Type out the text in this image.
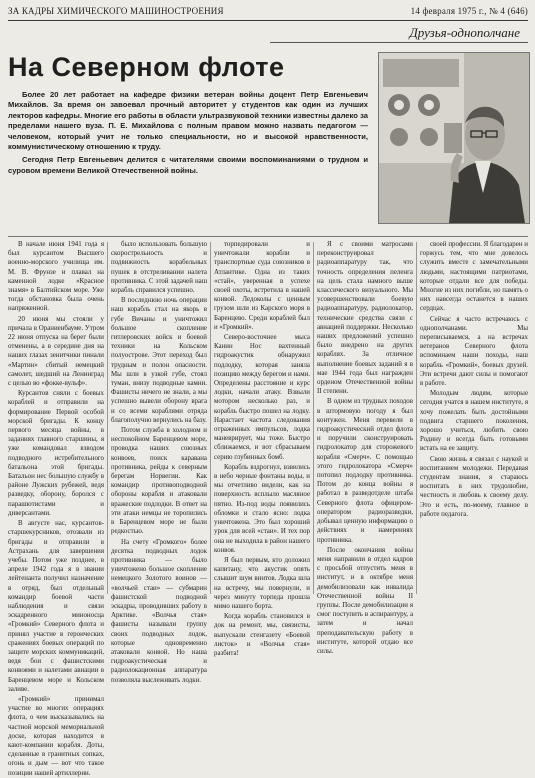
ЗА КАДРЫ ХИМИЧЕСКОГО МАШИНОСТРОЕНИЯ	14 февраля 1975 г., № 4 (646)
Друзья-однополчане
На Северном флоте

Более 20 лет работает на кафедре физики ветеран войны доцент Петр Евгеньевич Михайлов. За время он завоевал прочный авторитет у студентов как один из лучших лекторов кафедры. Многие его работы в области ультразвуковой техники известны далеко за пределами нашего вуза. П. Е. Михайлова с полным правом можно назвать педагогом — человеком, который учит не только специальности, но и высокой нравственности, коммунистическому отношению к труду.

Сегодня Петр Евгеньевич делится с читателями своими воспоминаниями о трудном и суровом времени Великой Отечественной войны.

В начале июня 1941 года я был курсантом Высшего военно-морского училища им. М. В. Фрунзе и плавал на каменной лодке «Красное знамя» в Балтийском море. Уже тогда обстановка была очень напряженной.

20 июня мы стояли у причала в Ораниенбауме. Утром 22 июня отпуска на берег были отменены, а в середине дня на наших глазах зенитчики пинали «Мартин» сбитый немецкий самолет, шедший на Ленинград с целью во «фокке-вульф».

Курсантов сняли с боевых кораблей и отправили на формирование Первой особой морской бригады. К концу первого месяца войны, в заданиях главного старшины, я уже командовал взводом подводного истребительного батальона этой бригады. Батальон нес большую службу в районе Лужских рубежей, ведя разведку, оборону, боролся с парашютистами и диверсантами.

В августе нас, курсантов-старшекурсников, отозвали из бригады и отправили в Астрахань для завершения учебы. Потом уже позднее, в апреле 1942 года я в звании лейтенанта получил назначение в отряд, был отдельный командир боевой части наблюдения и связи эскадренного миноносца «Громкий» Северного флота и принял участие в героических сражениях боевых операций по защите морских коммуникаций, ведя бои с фашистскими конвоями и налетами авиации в Баренцевом море и Кольском заливе.

«Громкий» принимал участие во многих операциях флота, о чем высказывались на частной морской мемориальной доске, которая находится в кают-компании корабля. Доты, сделанные в гранитных сопках, огонь и дым — вот что такое позиции нашей артиллерии.

было использовать большую скорострельность и подвижность корабельных пушек в отстреливании налета противника. С этой задачей наш корабль справился успешно.

В последнюю ночь операции наш корабль стал на якорь в губе Вичаны и уничтожил большое скопление гитлеровских войск и боевой техники на Кольском полуострове. Этот переход был трудным и полон опасности. Мы шли в узкой губе, стоял туман, внизу подводные камни. Фашисты ничего не знали, а мы успешно вывели оборону врага и со всеми кораблями отряда благополучно вернулись на базу.

Потом служба в холодном и неспокойном Баренцевом море, проводка наших союзных конвоев, поиск каравана противника, рейды к северным берегам Норвегии. Как командир противоподводной обороны корабля и атаковали вражеские подлодки. В ответ на эти атаки немцы не торопились в Баренцевом море не были редкостью.

На счету «Громкого» более десятка подводных лодок противника — было уничтожено большое скопление немецкого Золотого воинов — «волчьей стаи» — субмарин фашистской подводной эскадры, проводивших работу в Арктике. «Волчья стая» фашисты называли группу своих подводных лодок, которые одновременно атаковали конвой. Но наша гидроакустическая и радиолокационная аппаратура позволяла выслеживать лодки.

торпедировали и уничтожали корабли и транспортные суда союзников в Атлантике. Одна из таких «стай», уверенная в успехе своей охоты, встретила в нашей конвой. Ледоколы с ценным грузом шли из Карского моря в Баренцево. Среди кораблей был и «Громкий».

Северо-восточнее мыса Канин Нос вахтенный гидроакустик обнаружил подлодку, которая заняла позицию между берегом и нами. Определены расстояние и курс лодки, начали атаку. Взвыли мотором несколько раз, и корабль быстро пошел на лодку. Нарастает частота следования отраженных импульсов, лодка маневрирует, мы тоже. Быстро сближаемся, и вот сбрасываем серию глубинных бомб.

Корабль вздрогнул, взвились в небо черные фонтаны воды, и мы отчетливо видели, как на поверхность всплыло масляное пятно. Из-под воды появились обломки и стало ясно: лодка уничтожена. Это был хороший урок для всей «стаи». И тех пор она не выходила в район нашего конвоя.

Я был первым, кто доложил капитану, что акустик опять слышит шум винтов. Лодка шла на встречу, мы повернули, и через минуту торпеда прошла мимо нашего борта.

Когда корабль становился в док на ремонт, мы, связисты, выпускали стенгазету «Боевой листок» и «Волчья стая» разбита!

Я с своими матросами переконструировал радиоаппаратуру так, что точность определения пеленга на цель стала намного выше классического визуального. Мы усовершенствовали боевую радиоаппаратуру, радиолокатор, технические средства связи с авиацией поддержки. Несколько наших предложений успешно было внедрено на других кораблях. За отличное выполнение боевых заданий я в мае 1944 года был награжден орденом Отечественной войны II степени.

В одном из трудных походов в штормовую погоду я был контужен. Меня перевели в гидроакустический отдел флота и поручили сконструировать гидролокатор для сторожевого корабля «Смерч». С помощью этого гидролокатора «Смерч» потопил подлодку противника. Потом до конца войны я работал в разведотделе штаба Северного флота офицером-оператором радиоразведки, добывал ценную информацию о действиях и намерениях противника.

После окончания войны меня направили в отдел кадров с просьбой отпустить меня в институт, и в октябре меня демобилизовали как инвалида Отечественной войны II группы. После демобилизации я смог поступить в аспирантуру, а затем и начал преподавательскую работу в институте, которой отдаю все силы.

своей профессии. Я благодарен и горжусь тем, что мне довелось служить вместе с замечательными людьми, настоящими патриотами, которые отдали все для победы. Многие из них погибли, но память о них навсегда останется в наших сердцах.

Сейчас я часто встречаюсь с однополчанами. Мы переписываемся, а на встречах ветеранов Северного флота вспоминаем наши походы, наш корабль «Громкий», боевых друзей. Эти встречи дают силы и помогают в работе.

Молодым людям, которые сегодня учатся в нашем институте, я хочу пожелать быть достойными подвига старшего поколения, хорошо учиться, любить свою Родину и всегда быть готовыми встать на ее защиту.

Свою жизнь я связал с наукой и воспитанием молодежи. Передавая студентам знания, я стараюсь воспитать в них трудолюбие, честность и любовь к своему делу. Это и есть, по-моему, главное в работе педагога.
